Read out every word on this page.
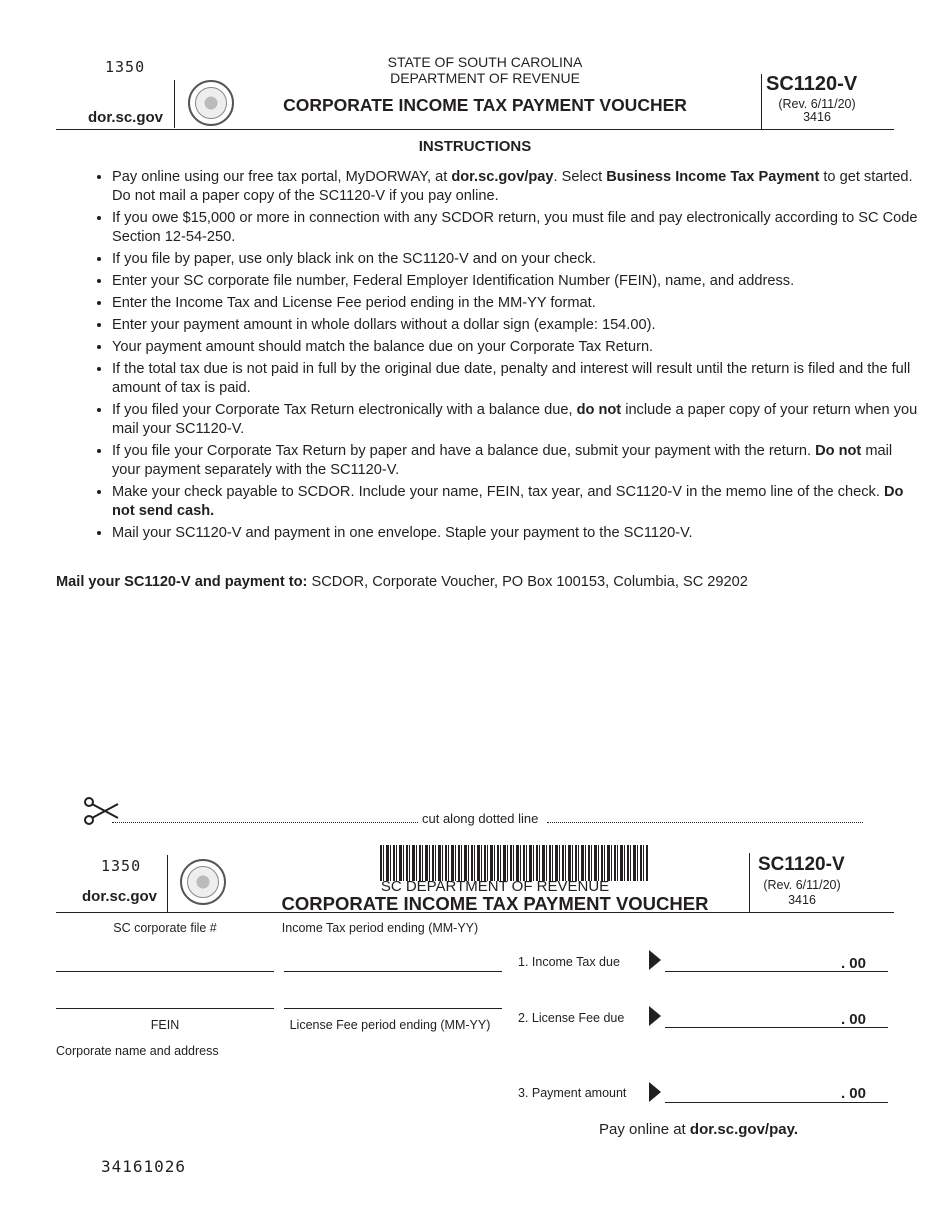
1350
dor.sc.gov
STATE OF SOUTH CAROLINA
DEPARTMENT OF REVENUE
CORPORATE INCOME TAX PAYMENT VOUCHER
SC1120-V
(Rev. 6/11/20)
3416
INSTRUCTIONS
• Pay online using our free tax portal, MyDORWAY, at dor.sc.gov/pay. Select Business Income Tax Payment to get started. Do not mail a paper copy of the SC1120-V if you pay online.
• If you owe $15,000 or more in connection with any SCDOR return, you must file and pay electronically according to SC Code Section 12-54-250.
• If you file by paper, use only black ink on the SC1120-V and on your check.
• Enter your SC corporate file number, Federal Employer Identification Number (FEIN), name, and address.
• Enter the Income Tax and License Fee period ending in the MM-YY format.
• Enter your payment amount in whole dollars without a dollar sign (example: 154.00).
• Your payment amount should match the balance due on your Corporate Tax Return.
• If the total tax due is not paid in full by the original due date, penalty and interest will result until the return is filed and the full amount of tax is paid.
• If you filed your Corporate Tax Return electronically with a balance due, do not include a paper copy of your return when you mail your SC1120-V.
• If you file your Corporate Tax Return by paper and have a balance due, submit your payment with the return. Do not mail your payment separately with the SC1120-V.
• Make your check payable to SCDOR. Include your name, FEIN, tax year, and SC1120-V in the memo line of the check. Do not send cash.
• Mail your SC1120-V and payment in one envelope. Staple your payment to the SC1120-V.
Mail your SC1120-V and payment to: SCDOR, Corporate Voucher, PO Box 100153, Columbia, SC 29202
cut along dotted line
1350
dor.sc.gov
SC DEPARTMENT OF REVENUE
CORPORATE INCOME TAX PAYMENT VOUCHER
SC1120-V
(Rev. 6/11/20)
3416
SC corporate file #	Income Tax period ending (MM-YY)
FEIN	License Fee period ending (MM-YY)
Corporate name and address
1. Income Tax due	. 00
2. License Fee due	. 00
3. Payment amount	. 00
Pay online at dor.sc.gov/pay.
34161026
